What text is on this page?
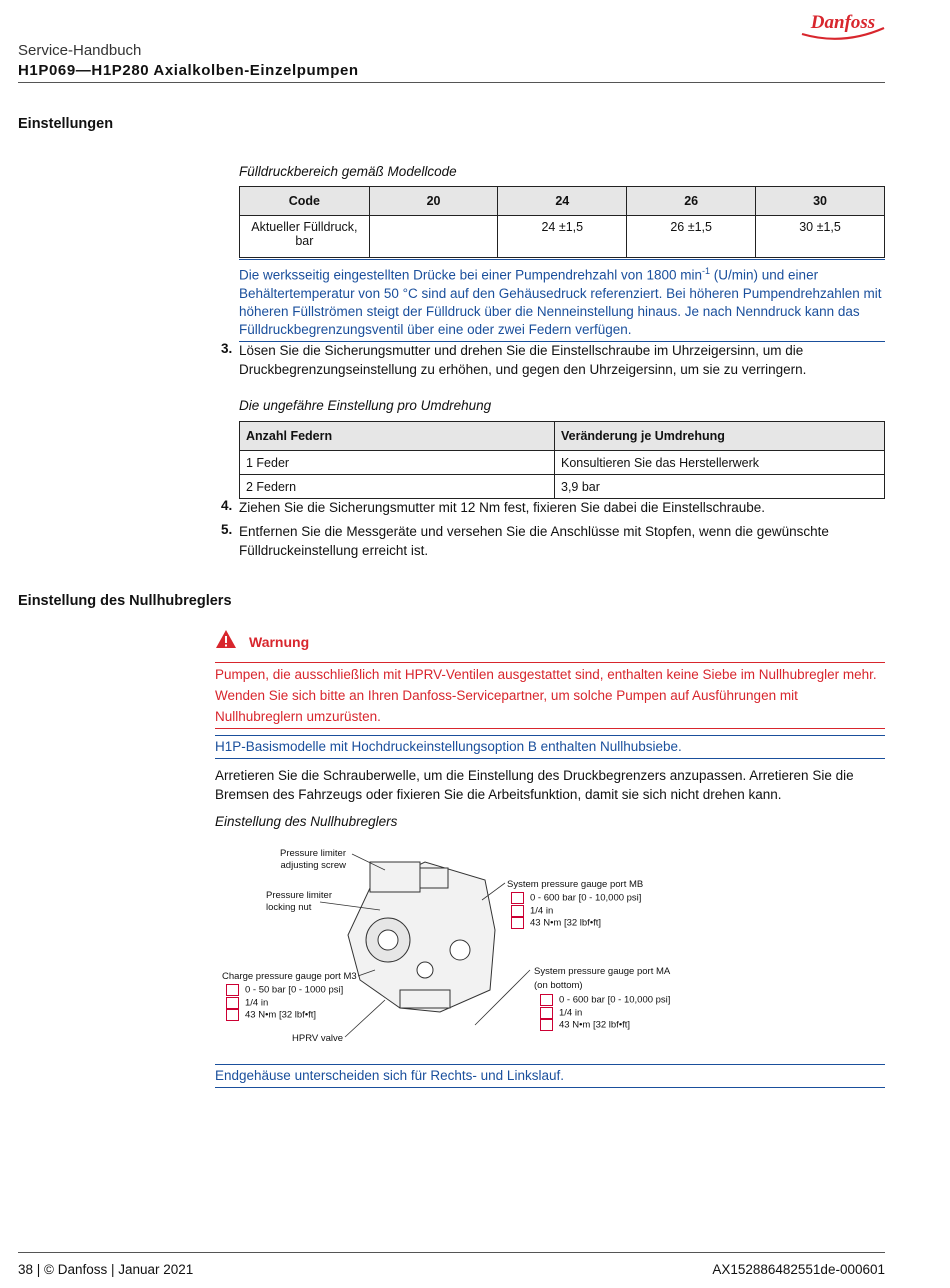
Service-Handbuch
H1P069—H1P280 Axialkolben-Einzelpumpen
Danfoss
Einstellungen
Fülldruckbereich gemäß Modellcode
Code	20	24	26	30
Aktueller Fülldruck, bar		24 ±1,5	26 ±1,5	30 ±1,5
Die werksseitig eingestellten Drücke bei einer Pumpendrehzahl von 1800 $\min^{-1} (U/\min)$ und einer Behältertemperatur von 50 °C sind auf den Gehäusedruck referenziert. Bei höheren Pumpendrehzahlen mit höheren Füllströmen steigt der Fülldruck über die Nenneinstellung hinaus. Je nach Nenndruck kann das Fülldruckbegrenzungsventil über eine oder zwei Federn verfügen.
3. Lösen Sie die Sicherungsmutter und drehen Sie die Einstellschraube im Uhrzeigersinn, um die Druckbegrenzungseinstellung zu erhöhen, und gegen den Uhrzeigersinn, um sie zu verringern.
Die ungefähre Einstellung pro Umdrehung
Anzahl Federn	Veränderung je Umdrehung
1 Feder	Konsultieren Sie das Herstellerwerk
2 Federn	3,9 bar
4. Ziehen Sie die Sicherungsmutter mit 12 Nm fest, fixieren Sie dabei die Einstellschraube.
5. Entfernen Sie die Messgeräte und versehen Sie die Anschlüsse mit Stopfen, wenn die gewünschte Fülldruckeinstellung erreicht ist.
Einstellung des Nullhubreglers
Warnung
Pumpen, die ausschließlich mit HPRV-Ventilen ausgestattet sind, enthalten keine Siebe im Nullhubregler mehr. Wenden Sie sich bitte an Ihren Danfoss-Servicepartner, um solche Pumpen auf Ausführungen mit Nullhubreglern umzurüsten.
H1P-Basismodelle mit Hochdruckeinstellungsoption B enthalten Nullhubsiebe.
Arretieren Sie die Schrauberwelle, um die Einstellung des Druckbegrenzers anzupassen. Arretieren Sie die Bremsen des Fahrzeugs oder fixieren Sie die Arbeitsfunktion, damit sie sich nicht drehen kann.
Einstellung des Nullhubreglers
Pressure limiter
adjusting screw
Pressure limiter
locking nut
System pressure gauge port MB
0 - 600 bar [0 - 10,000 psi]
1/4 in
43 N•m [32 lbf•ft]
Charge pressure gauge port M3
0 - 50 bar [0 - 1000 psi]
1/4 in
43 N•m [32 lbf•ft]
System pressure gauge port MA
(on bottom)
0 - 600 bar [0 - 10,000 psi]
1/4 in
43 N•m [32 lbf•ft]
HPRV valve
Endgehäuse unterscheiden sich für Rechts- und Linkslauf.
38 | © Danfoss | Januar 2021	AX152886482551de-000601
